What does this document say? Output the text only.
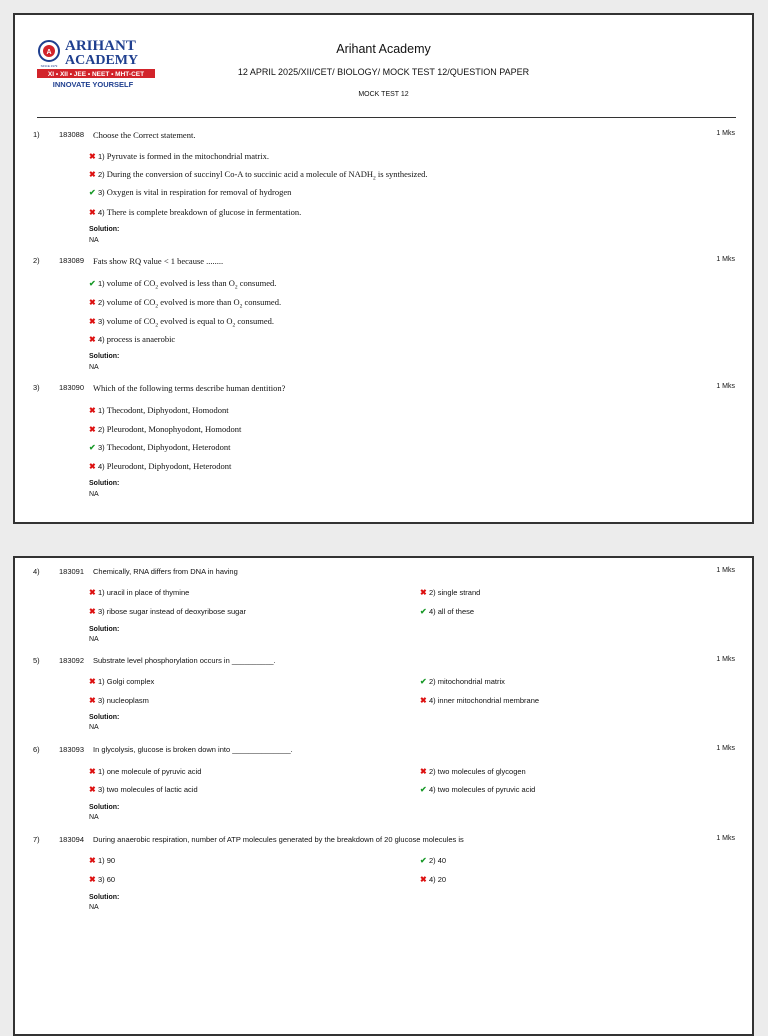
A ARIHANT
ACADEMY
SINCE 1979
XI • XII • JEE • NEET • MHT-CET
INNOVATE YOURSELF
Arihant Academy
12 APRIL 2025/XII/CET/ BIOLOGY/ MOCK TEST 12/QUESTION PAPER
MOCK TEST 12
1)	183088 Choose the Correct statement.	1 Mks
✖ 1) Pyruvate is formed in the mitochondrial matrix.
✖ 2) During the conversion of succinyl Co-A to succinic acid a molecule of $NADH_2$ is synthesized.
✔ 3) Oxygen is vital in respiration for removal of hydrogen
✖ 4) There is complete breakdown of glucose in fermentation.
Solution:
NA
2)	183089 Fats show RQ value < 1 because ........	1 Mks
✔ 1) volume of $CO_2$ evolved is less than $O_2$ consumed.
✖ 2) volume of $CO_2$ evolved is more than $O_2$ consumed.
✖ 3) volume of $CO_2$ evolved is equal to $O_2$ consumed.
✖ 4) process is anaerobic
Solution:
NA
3)	183090 Which of the following terms describe human dentition?	1 Mks
✖ 1) Thecodont, Diphyodont, Homodont
✖ 2) Pleurodont, Monophyodont, Homodont
✔ 3) Thecodont, Diphyodont, Heterodont
✖ 4) Pleurodont, Diphyodont, Heterodont
Solution:
NA
4)	183091 Chemically, RNA differs from DNA in having	1 Mks
✖ 1) uracil in place of thymine	✖ 2) single strand
✖ 3) ribose sugar instead of deoxyribose sugar	✔ 4) all of these
Solution:
NA
5)	183092 Substrate level phosphorylation occurs in __________.	1 Mks
✖ 1) Golgi complex	✔ 2) mitochondrial matrix
✖ 3) nucleoplasm	✖ 4) inner mitochondrial membrane
Solution:
NA
6)	183093 In glycolysis, glucose is broken down into ______________.	1 Mks
✖ 1) one molecule of pyruvic acid	✖ 2) two molecules of glycogen
✖ 3) two molecules of lactic acid	✔ 4) two molecules of pyruvic acid
Solution:
NA
7)	183094 During anaerobic respiration, number of ATP molecules generated by the breakdown of 20 glucose molecules is	1 Mks
✖ 1) 90	✔ 2) 40
✖ 3) 60	✖ 4) 20
Solution:
NA
